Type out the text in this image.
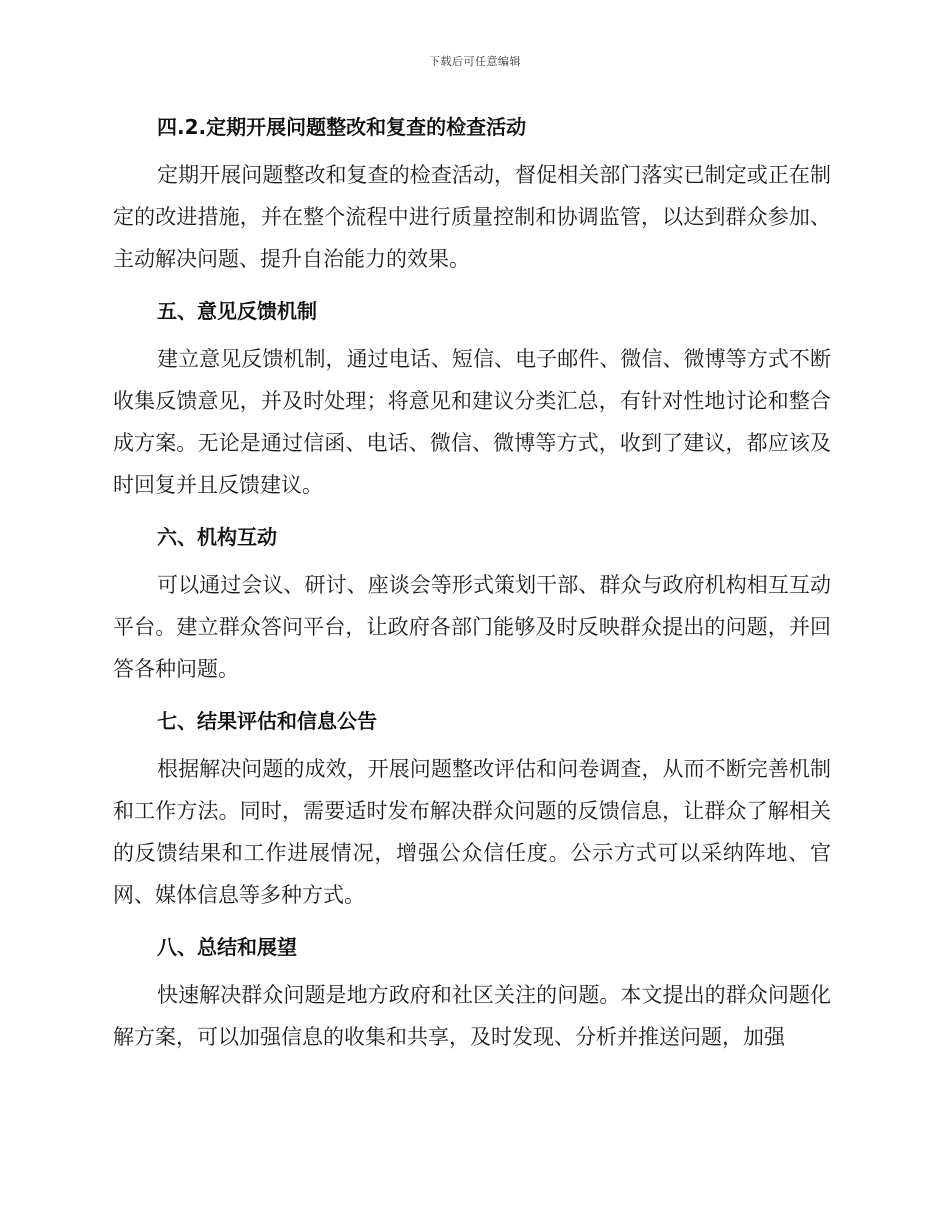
下载后可任意编辑
四.2.定期开展问题整改和复查的检查活动

定期开展问题整改和复查的检查活动，督促相关部门落实已制定或正在制定的改进措施，并在整个流程中进行质量控制和协调监管，以达到群众参加、主动解决问题、提升自治能力的效果。

五、意见反馈机制

建立意见反馈机制，通过电话、短信、电子邮件、微信、微博等方式不断收集反馈意见，并及时处理；将意见和建议分类汇总，有针对性地讨论和整合成方案。无论是通过信函、电话、微信、微博等方式，收到了建议，都应该及时回复并且反馈建议。

六、机构互动

可以通过会议、研讨、座谈会等形式策划干部、群众与政府机构相互互动平台。建立群众答问平台，让政府各部门能够及时反映群众提出的问题，并回答各种问题。

七、结果评估和信息公告

根据解决问题的成效，开展问题整改评估和问卷调查，从而不断完善机制和工作方法。同时，需要适时发布解决群众问题的反馈信息，让群众了解相关的反馈结果和工作进展情况，增强公众信任度。公示方式可以采纳阵地、官网、媒体信息等多种方式。

八、总结和展望

快速解决群众问题是地方政府和社区关注的问题。本文提出的群众问题化解方案，可以加强信息的收集和共享，及时发现、分析并推送问题，加强
